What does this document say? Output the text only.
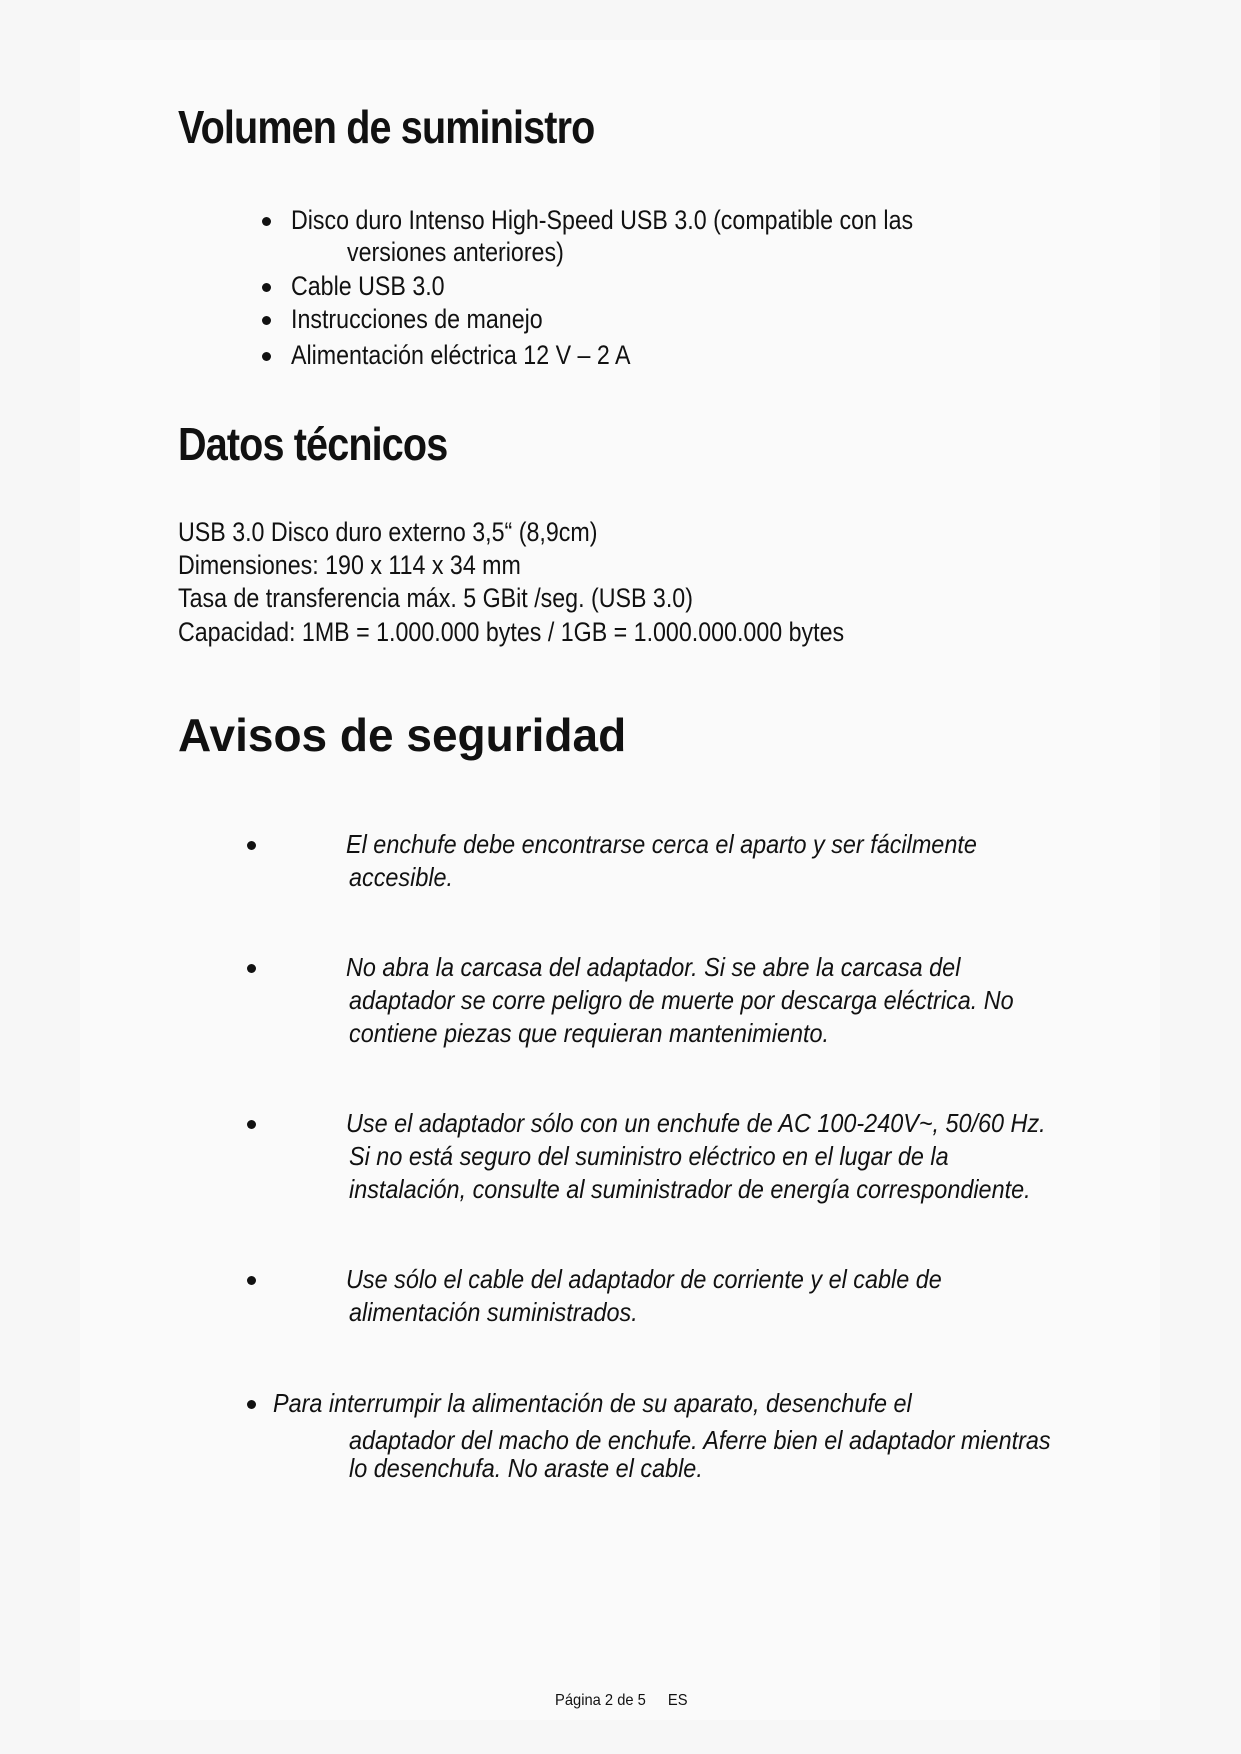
Volumen de suministro
Disco duro Intenso High-Speed USB 3.0 (compatible con las
versiones anteriores)
Cable USB 3.0
Instrucciones de manejo
Alimentación eléctrica 12 V – 2 A
Datos técnicos
USB 3.0 Disco duro externo 3,5“ (8,9cm)
Dimensiones: 190 x 114 x 34 mm
Tasa de transferencia máx. 5 GBit /seg. (USB 3.0)
Capacidad: 1MB = 1.000.000 bytes / 1GB = 1.000.000.000 bytes
Avisos de seguridad
El enchufe debe encontrarse cerca el aparto y ser fácilmente
accesible.
No abra la carcasa del adaptador. Si se abre la carcasa del
adaptador se corre peligro de muerte por descarga eléctrica. No
contiene piezas que requieran mantenimiento.
Use el adaptador sólo con un enchufe de AC 100-240V~, 50/60 Hz.
Si no está seguro del suministro eléctrico en el lugar de la
instalación, consulte al suministrador de energía correspondiente.
Use sólo el cable del adaptador de corriente y el cable de
alimentación suministrados.
Para interrumpir la alimentación de su aparato, desenchufe el
adaptador del macho de enchufe. Aferre bien el adaptador mientras
lo desenchufa. No araste el cable.
Página 2 de 5 ES
